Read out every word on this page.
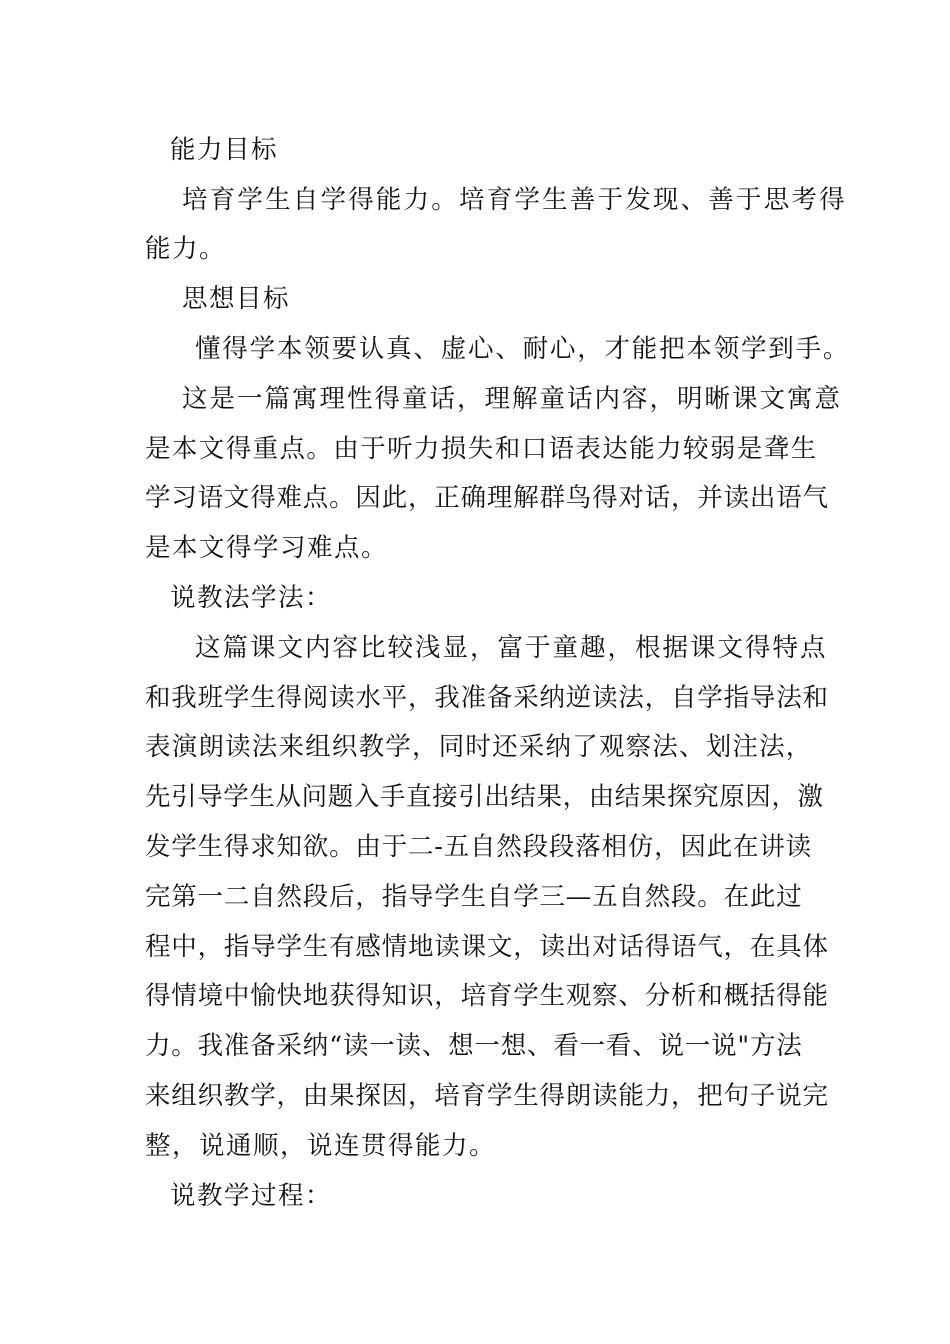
能力目标
培育学生自学得能力。培育学生善于发现、善于思考得
能力。
思想目标
懂得学本领要认真、虚心、耐心，才能把本领学到手。
这是一篇寓理性得童话，理解童话内容，明晰课文寓意
是本文得重点。由于听力损失和口语表达能力较弱是聋生
学习语文得难点。因此，正确理解群鸟得对话，并读出语气
是本文得学习难点。
说教法学法：
这篇课文内容比较浅显，富于童趣，根据课文得特点
和我班学生得阅读水平，我准备采纳逆读法，自学指导法和
表演朗读法来组织教学，同时还采纳了观察法、划注法，
先引导学生从问题入手直接引出结果，由结果探究原因，激
发学生得求知欲。由于二-五自然段段落相仿，因此在讲读
完第一二自然段后，指导学生自学三—五自然段。在此过
程中，指导学生有感情地读课文，读出对话得语气，在具体
得情境中愉快地获得知识，培育学生观察、分析和概括得能
力。我准备采纳“读一读、想一想、看一看、说一说"方法
来组织教学，由果探因，培育学生得朗读能力，把句子说完
整，说通顺，说连贯得能力。
说教学过程：
